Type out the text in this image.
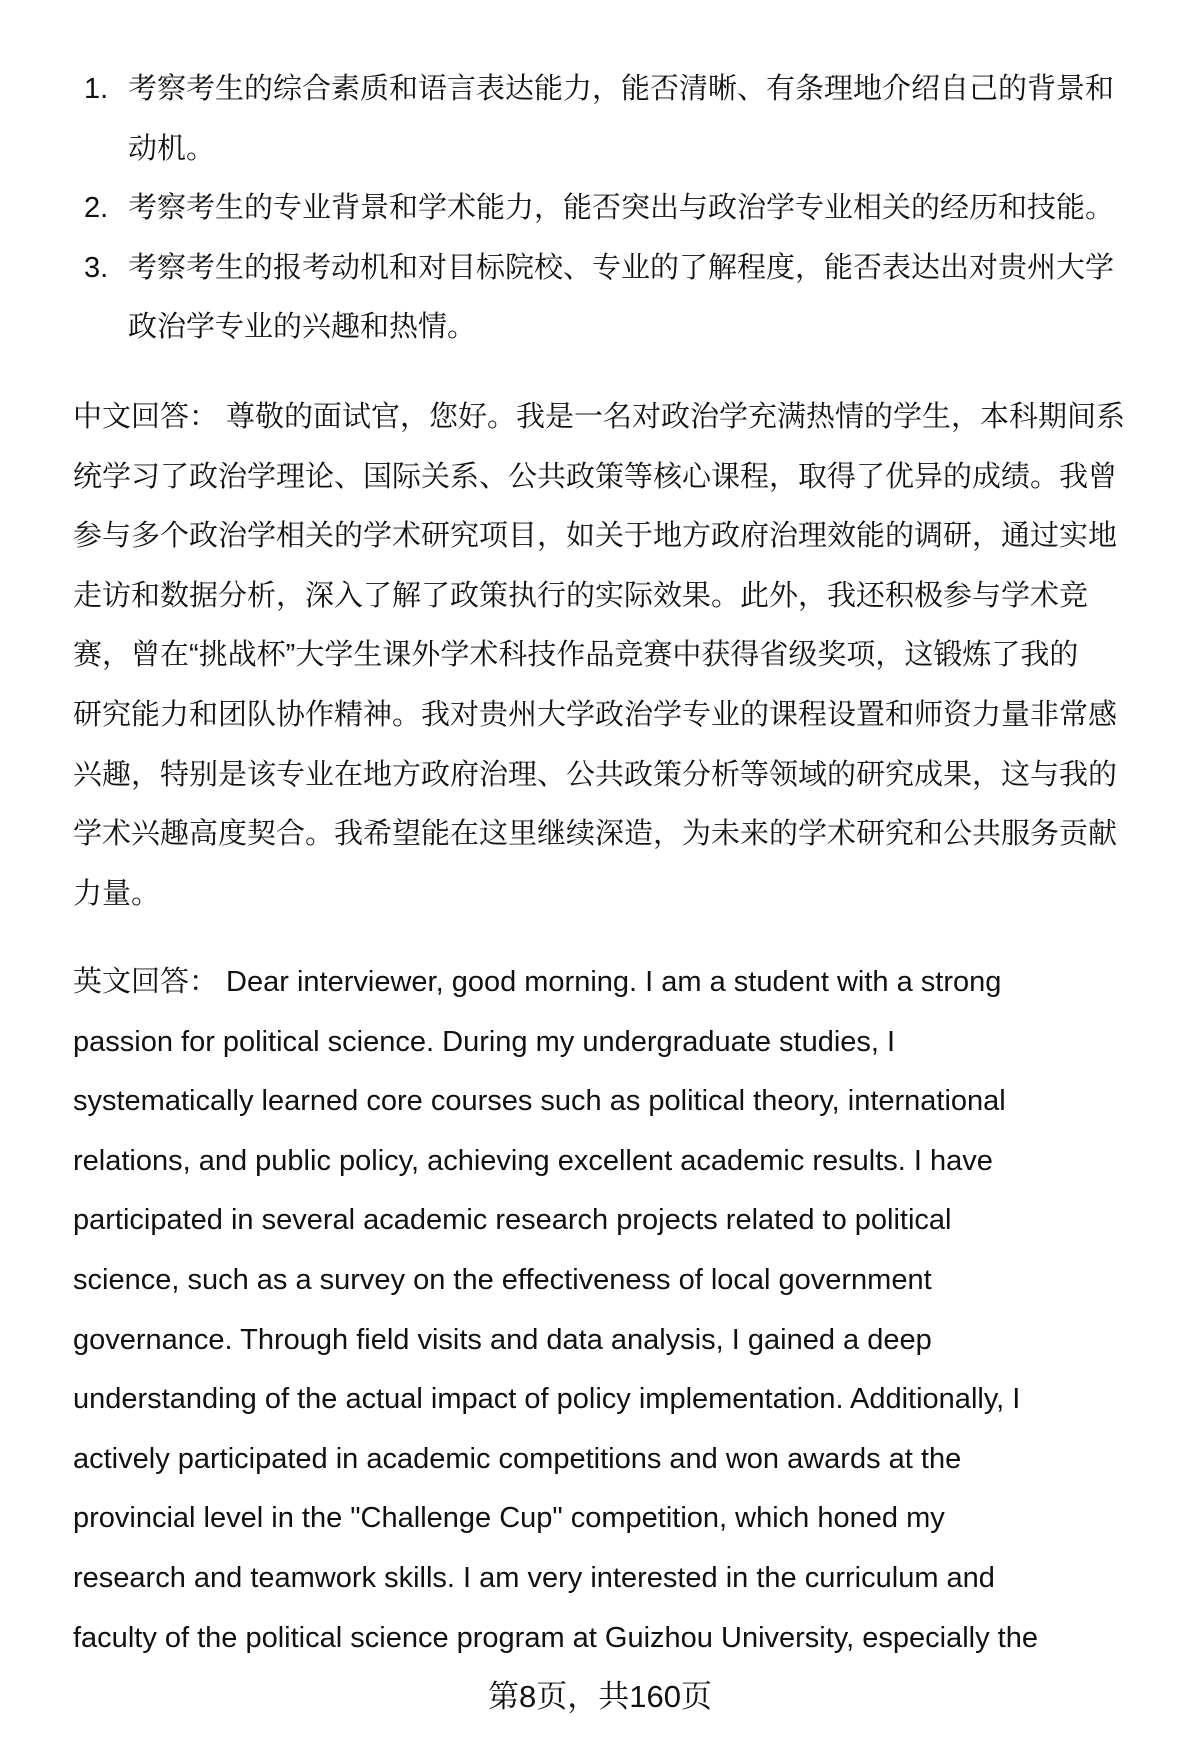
1. 考察考生的综合素质和语言表达能力，能否清晰、有条理地介绍自己的背景和
动机。
2. 考察考生的专业背景和学术能力，能否突出与政治学专业相关的经历和技能。
3. 考察考生的报考动机和对目标院校、专业的了解程度，能否表达出对贵州大学
政治学专业的兴趣和热情。
中文回答： 尊敬的面试官，您好。我是一名对政治学充满热情的学生，本科期间系
统学习了政治学理论、国际关系、公共政策等核心课程，取得了优异的成绩。我曾
参与多个政治学相关的学术研究项目，如关于地方政府治理效能的调研，通过实地
走访和数据分析，深入了解了政策执行的实际效果。此外，我还积极参与学术竞
赛，曾在“挑战杯”大学生课外学术科技作品竞赛中获得省级奖项，这锻炼了我的
研究能力和团队协作精神。我对贵州大学政治学专业的课程设置和师资力量非常感
兴趣，特别是该专业在地方政府治理、公共政策分析等领域的研究成果，这与我的
学术兴趣高度契合。我希望能在这里继续深造，为未来的学术研究和公共服务贡献
力量。
英文回答： Dear interviewer, good morning. I am a student with a strong
passion for political science. During my undergraduate studies, I
systematically learned core courses such as political theory, international
relations, and public policy, achieving excellent academic results. I have
participated in several academic research projects related to political
science, such as a survey on the effectiveness of local government
governance. Through field visits and data analysis, I gained a deep
understanding of the actual impact of policy implementation. Additionally, I
actively participated in academic competitions and won awards at the
provincial level in the "Challenge Cup" competition, which honed my
research and teamwork skills. I am very interested in the curriculum and
faculty of the political science program at Guizhou University, especially the
第8页，共160页
